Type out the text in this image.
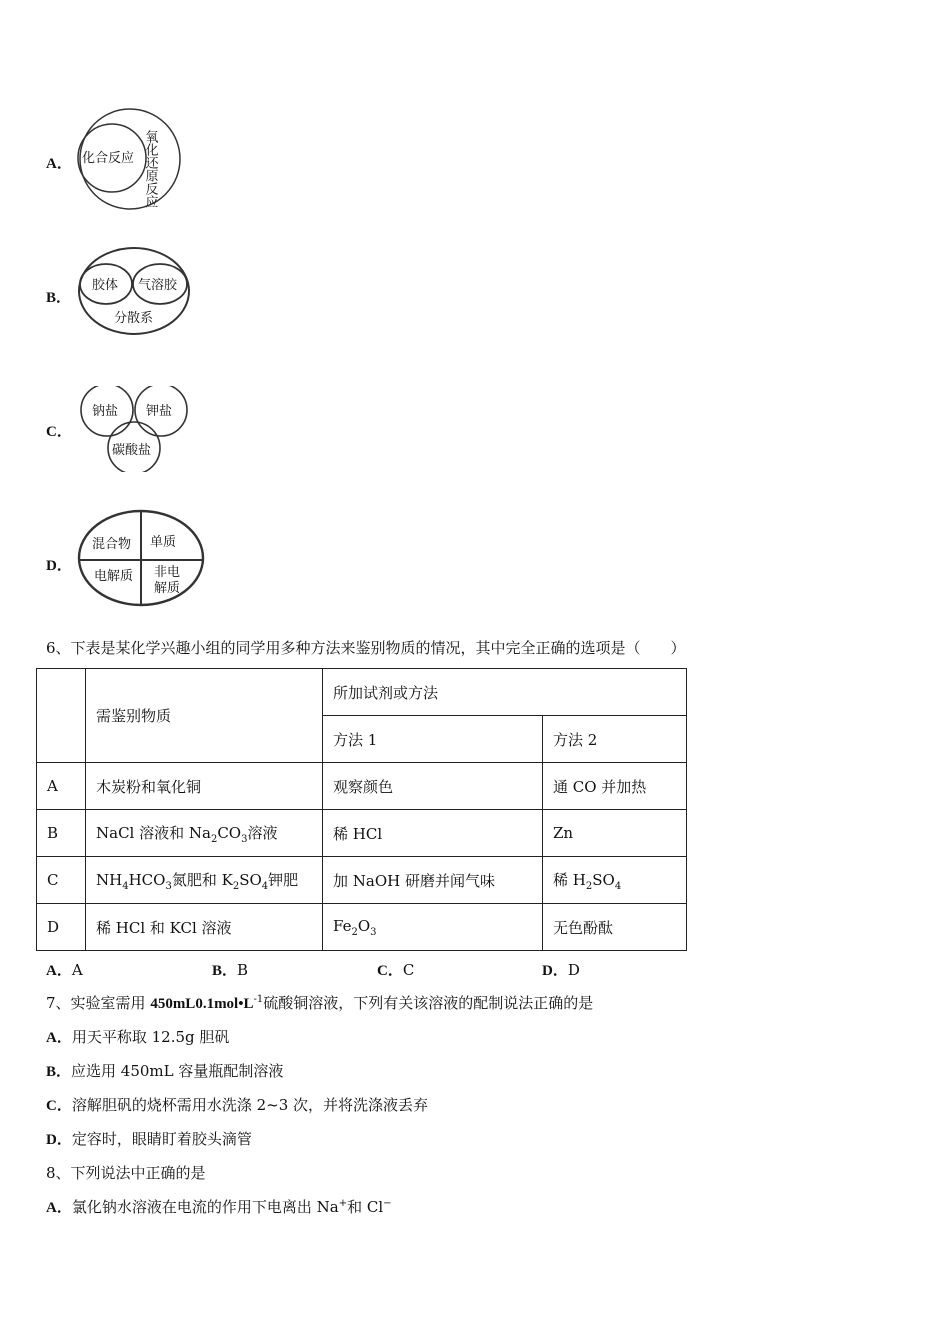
A． 化合反应 氧化还原反应
B．
胶体 气溶胶
分散系
C．
钠盐 钾盐
碳酸盐
D．
混合物 单质
电解质 非电
解质
6、下表是某化学兴趣小组的同学用多种方法来鉴别物质的情况，其中完全正确的选项是（　　）
	需鉴别物质	所加试剂或方法	
		方法 1	方法 2
A	木炭粉和氧化铜	观察颜色	通 CO 并加热
B	NaCl 溶液和 $Na_2CO_3$溶液	稀 HCl	Zn
C	$NH_4HCO_3$氮肥和 $K_2SO_4$钾肥	加 NaOH 研磨并闻气味	稀 $H_2SO_4$
D	稀 HCl 和 KCl 溶液	$Fe_2O_3$	无色酚酞
A．A	B．B	C．C	D．D
7、实验室需用 $450mL0.1mol•L^{-1}$硫酸铜溶液，下列有关该溶液的配制说法正确的是
A．用天平称取 12.5g 胆矾
B．应选用 450mL 容量瓶配制溶液
C．溶解胆矾的烧杯需用水洗涤 2~3 次，并将洗涤液丢弃
D．定容时，眼睛盯着胶头滴管
8、下列说法中正确的是
A．氯化钠水溶液在电流的作用下电离出 Na+和 Cl−
